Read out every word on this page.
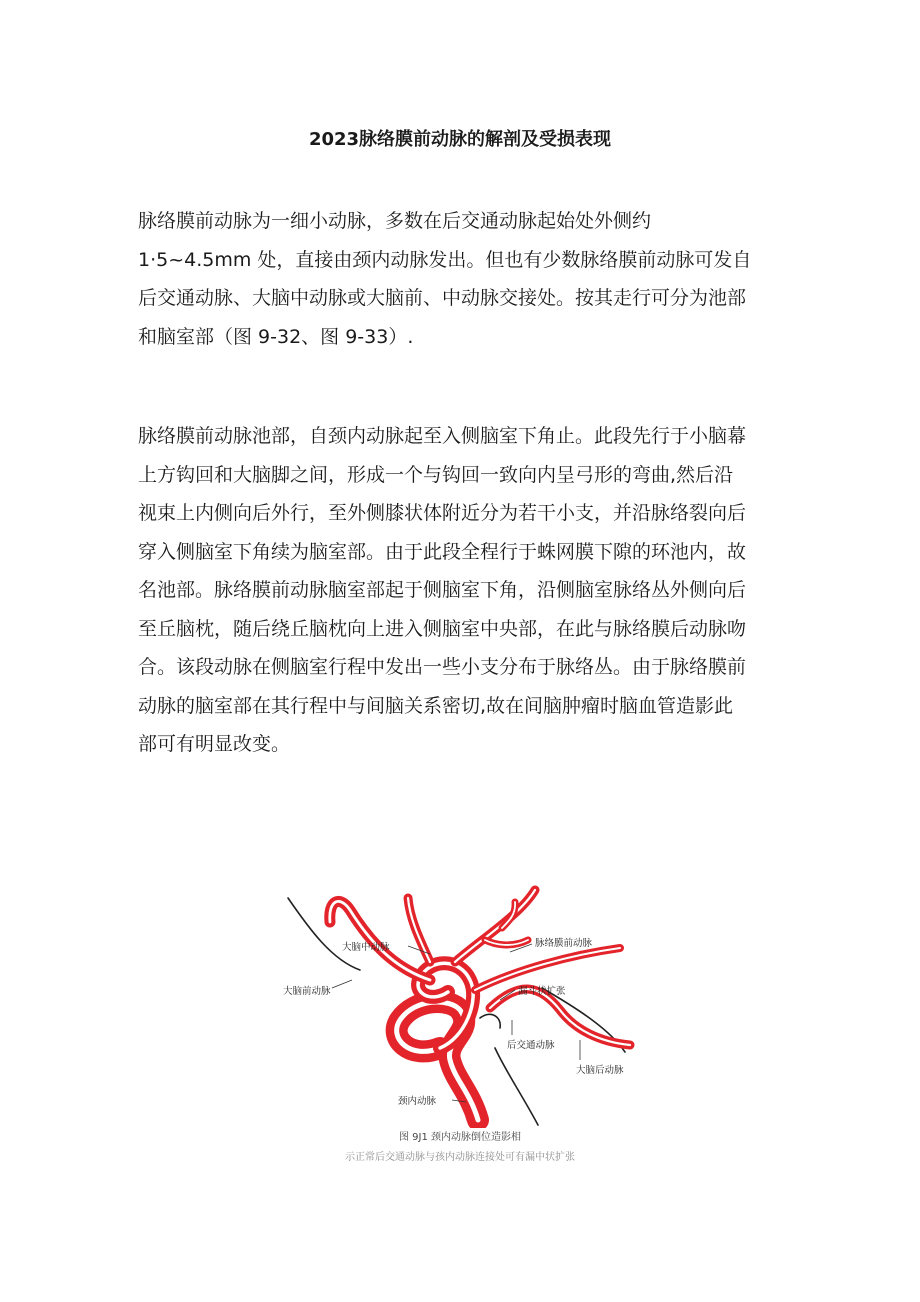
2023脉络膜前动脉的解剖及受损表现
脉络膜前动脉为一细小动脉，多数在后交通动脉起始处外侧约
1·5~4.5mm 处，直接由颈内动脉发出。但也有少数脉络膜前动脉可发自
后交通动脉、大脑中动脉或大脑前、中动脉交接处。按其走行可分为池部
和脑室部（图 9-32、图 9-33）.
脉络膜前动脉池部，自颈内动脉起至入侧脑室下角止。此段先行于小脑幕
上方钩回和大脑脚之间，形成一个与钩回一致向内呈弓形的弯曲,然后沿
视束上内侧向后外行，至外侧膝状体附近分为若干小支，并沿脉络裂向后
穿入侧脑室下角续为脑室部。由于此段全程行于蛛网膜下隙的环池内，故
名池部。脉络膜前动脉脑室部起于侧脑室下角，沿侧脑室脉络丛外侧向后
至丘脑枕，随后绕丘脑枕向上进入侧脑室中央部，在此与脉络膜后动脉吻
合。该段动脉在侧脑室行程中发出一些小支分布于脉络丛。由于脉络膜前
动脉的脑室部在其行程中与间脑关系密切,故在间脑肿瘤时脑血管造影此
部可有明显改变。
大脑中动脉
大脑前动脉
脉络膜前动脉
漏斗状扩张
后交通动脉
大脑后动脉
颈内动脉
图 9J1 颈内动脉倒位造影相
示正常后交通动脉与孩内动脉连接处可有漏中状扩张
